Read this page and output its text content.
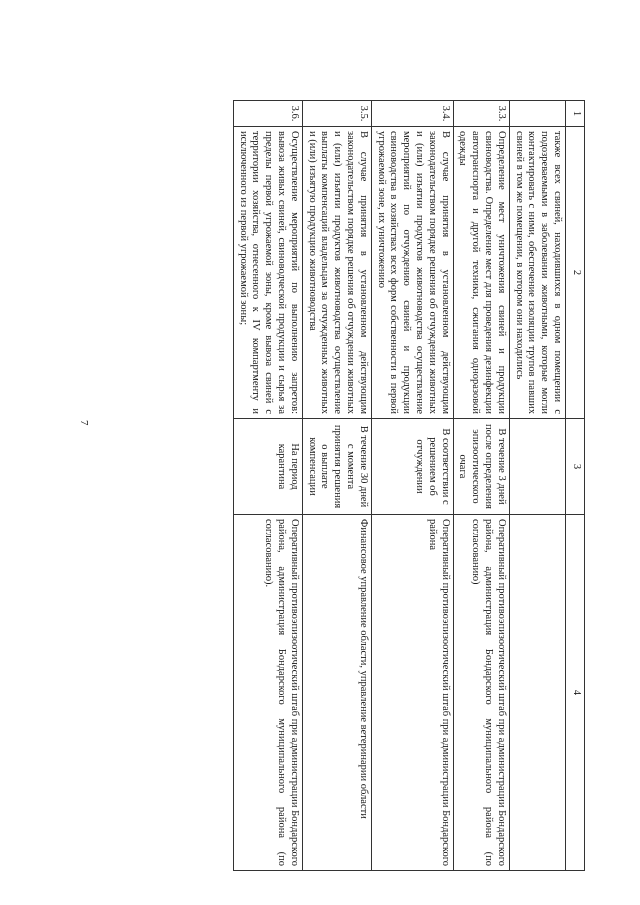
7
1	2	3	4
	также всех свиней, находившихся в одном помещении с подозреваемыми в заболевании животными, которые могли контактировать с ними, обеспечение изоляции трупов павших свиней в том же помещении, в котором они находились		
3.3.	Определение мест уничтожения свиней и продукции свиноводства. Определение мест для проведения дезинфекции автотранспорта и другой техники, сжигания одноразовой одежды	В течение 3 дней после определения эпизоотического очага	Оперативный противоэпизоотический штаб при администрации Бондарского района, администрация Бондарского муниципального района (по согласованию)
3.4.	В случае принятия в установленном действующим законодательством порядке решения об отчуждении животных и (или) изъятии продуктов животноводства осуществление мероприятий по отчуждению свиней и продукции свиноводства в хозяйствах всех форм собственности в первой угрожаемой зоне, их уничтожению	В соответствии с решением об отчуждении	Оперативный противоэпизоотический штаб при администрации Бондарского района
3.5.	В случае принятия в установленном действующим законодательством порядке решения об отчуждении животных и (или) изъятии продуктов животноводства осуществление выплаты компенсаций владельцам за отчужденных животных и (или) изъятую продукцию животноводства	В течение 30 дней с момента принятия решения о выплате компенсации	Финансовое управление области, управление ветеринарии области
3.6.	Осуществление мероприятий по выполнению запретов: вывоза живых свиней, свиноводческой продукции и сырья за пределы первой угрожаемой зоны, кроме вывоза свиней с территории хозяйства, отнесенного к IV компартменту и исключенного из первой угрожаемой зоны;	На период карантина	Оперативный противоэпизоотический штаб при администрации Бондарского района, администрация Бондарского муниципального района (по согласованию).
